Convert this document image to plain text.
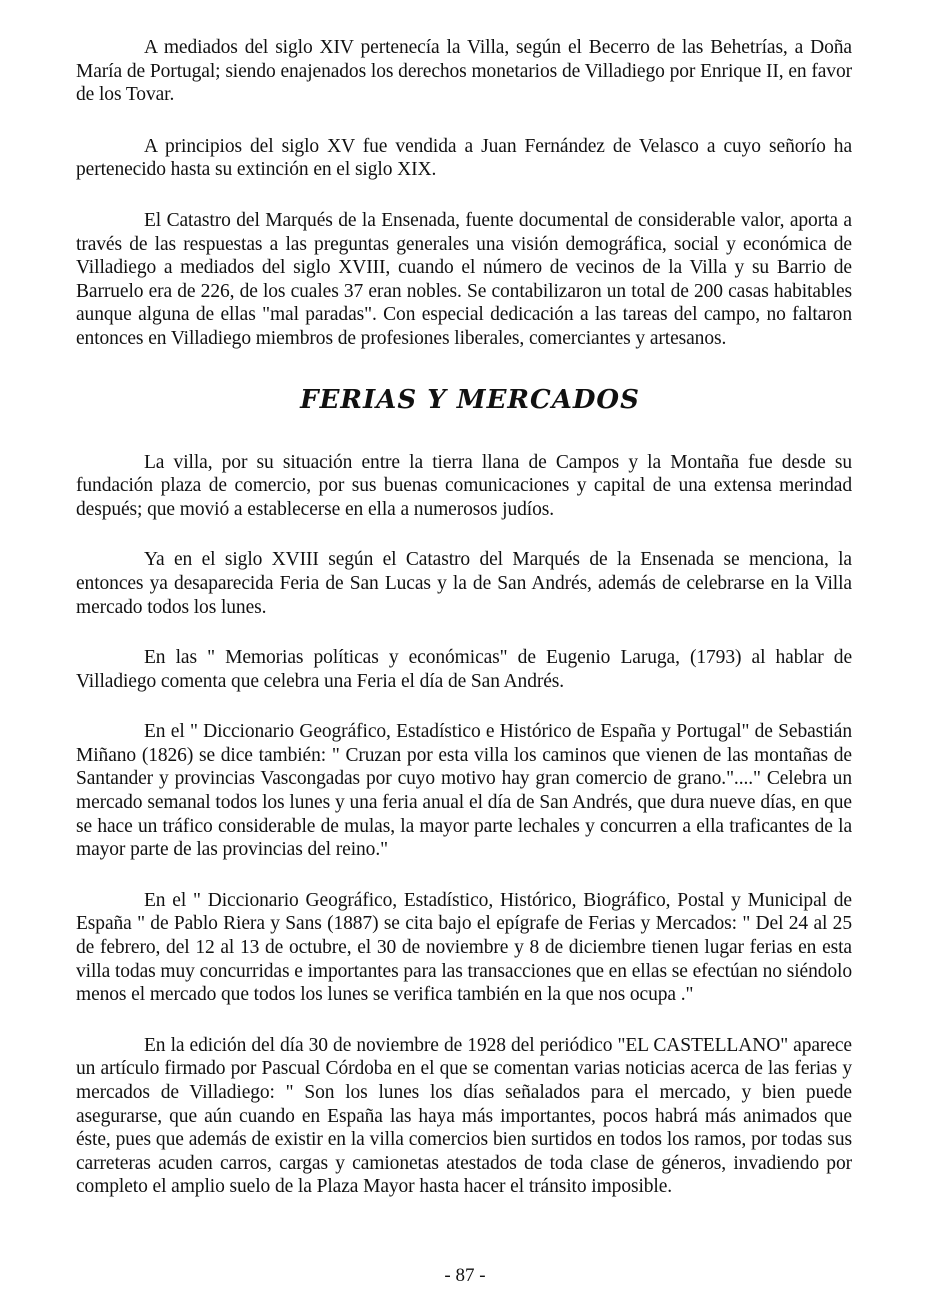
A mediados del siglo XIV pertenecía la Villa, según el Becerro de las Behetrías, a Doña María de Portugal; siendo enajenados los derechos monetarios de Villadiego por Enrique II, en favor de los Tovar.

A principios del siglo XV fue vendida a Juan Fernández de Velasco a cuyo señorío ha pertenecido hasta su extinción en el siglo XIX.

El Catastro del Marqués de la Ensenada, fuente documental de considerable valor, aporta a través de las respuestas a las preguntas generales una visión demográfica, social y económica de Villadiego a mediados del siglo XVIII, cuando el número de vecinos de la Villa y su Barrio de Barruelo era de 226, de los cuales 37 eran nobles. Se contabilizaron un total de 200 casas habitables aunque alguna de ellas "mal paradas". Con especial dedicación a las tareas del campo, no faltaron entonces en Villadiego miembros de profesiones liberales, comerciantes y artesanos.

FERIAS Y MERCADOS

La villa, por su situación entre la tierra llana de Campos y la Montaña fue desde su fundación plaza de comercio, por sus buenas comunicaciones y capital de una extensa merindad después; que movió a establecerse en ella a numerosos judíos.

Ya en el siglo XVIII según el Catastro del Marqués de la Ensenada se menciona, la entonces ya desaparecida Feria de San Lucas y la de San Andrés, además de celebrarse en la Villa mercado todos los lunes.

En las " Memorias políticas y económicas" de Eugenio Laruga, (1793) al hablar de Villadiego comenta que celebra una Feria el día de San Andrés.

En el " Diccionario Geográfico, Estadístico e Histórico de España y Portugal" de Sebastián Miñano (1826) se dice también: " Cruzan por esta villa los caminos que vienen de las montañas de Santander y provincias Vascongadas por cuyo motivo hay gran comercio de grano."...." Celebra un mercado semanal todos los lunes y una feria anual el día de San Andrés, que dura nueve días, en que se hace un tráfico considerable de mulas, la mayor parte lechales y concurren a ella traficantes de la mayor parte de las provincias del reino."

En el " Diccionario Geográfico, Estadístico, Histórico, Biográfico, Postal y Municipal de España " de Pablo Riera y Sans (1887) se cita bajo el epígrafe de Ferias y Mercados: " Del 24 al 25 de febrero, del 12 al 13 de octubre, el 30 de noviembre y 8 de diciembre tienen lugar ferias en esta villa todas muy concurridas e importantes para las transacciones que en ellas se efectúan no siéndolo menos el mercado que todos los lunes se verifica también en la que nos ocupa ."

En la edición del día 30 de noviembre de 1928 del periódico "EL CASTELLANO" aparece un artículo firmado por Pascual Córdoba en el que se comentan varias noticias acerca de las ferias y mercados de Villadiego: " Son los lunes los días señalados para el mercado, y bien puede asegurarse, que aún cuando en España las haya más importantes, pocos habrá más animados que éste, pues que además de existir en la villa comercios bien surtidos en todos los ramos, por todas sus carreteras acuden carros, cargas y camionetas atestados de toda clase de géneros, invadiendo por completo el amplio suelo de la Plaza Mayor hasta hacer el tránsito imposible.

- 87 -
